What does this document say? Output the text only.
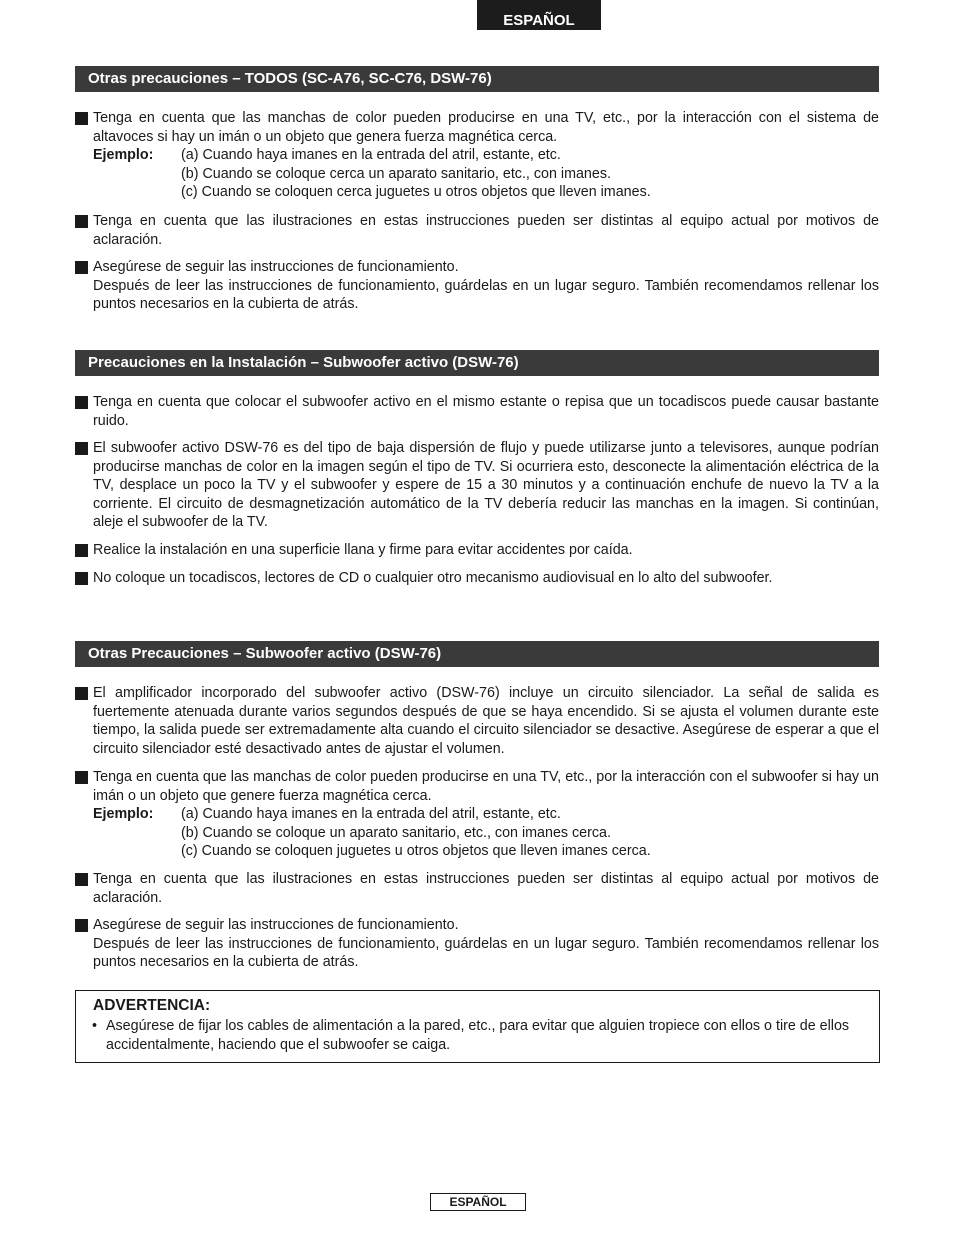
ESPAÑOL
Otras precauciones – TODOS (SC-A76, SC-C76, DSW-76)

Tenga en cuenta que las manchas de color pueden producirse en una TV, etc., por la interacción con el sistema de altavoces si hay un imán o un objeto que genera fuerza magnética cerca.

Ejemplo: (a) Cuando haya imanes en la entrada del atril, estante, etc.
(b) Cuando se coloque cerca un aparato sanitario, etc., con imanes.
(c) Cuando se coloquen cerca juguetes u otros objetos que lleven imanes.

Tenga en cuenta que las ilustraciones en estas instrucciones pueden ser distintas al equipo actual por motivos de aclaración.

Asegúrese de seguir las instrucciones de funcionamiento.

Después de leer las instrucciones de funcionamiento, guárdelas en un lugar seguro. También recomendamos rellenar los puntos necesarios en la cubierta de atrás.

Precauciones en la Instalación – Subwoofer activo (DSW-76)

Tenga en cuenta que colocar el subwoofer activo en el mismo estante o repisa que un tocadiscos puede causar bastante ruido.

El subwoofer activo DSW-76 es del tipo de baja dispersión de flujo y puede utilizarse junto a televisores, aunque podrían producirse manchas de color en la imagen según el tipo de TV. Si ocurriera esto, desconecte la alimentación eléctrica de la TV, desplace un poco la TV y el subwoofer y espere de 15 a 30 minutos y a continuación enchufe de nuevo la TV a la corriente. El circuito de desmagnetización automático de la TV debería reducir las manchas en la imagen. Si continúan, aleje el subwoofer de la TV.

Realice la instalación en una superficie llana y firme para evitar accidentes por caída.

No coloque un tocadiscos, lectores de CD o cualquier otro mecanismo audiovisual en lo alto del subwoofer.

Otras Precauciones – Subwoofer activo (DSW-76)

El amplificador incorporado del subwoofer activo (DSW-76) incluye un circuito silenciador. La señal de salida es fuertemente atenuada durante varios segundos después de que se haya encendido. Si se ajusta el volumen durante este tiempo, la salida puede ser extremadamente alta cuando el circuito silenciador se desactive. Asegúrese de esperar a que el circuito silenciador esté desactivado antes de ajustar el volumen.

Tenga en cuenta que las manchas de color pueden producirse en una TV, etc., por la interacción con el subwoofer si hay un imán o un objeto que genere fuerza magnética cerca.

Ejemplo: (a) Cuando haya imanes en la entrada del atril, estante, etc.
(b) Cuando se coloque un aparato sanitario, etc., con imanes cerca.
(c) Cuando se coloquen juguetes u otros objetos que lleven imanes cerca.

Tenga en cuenta que las ilustraciones en estas instrucciones pueden ser distintas al equipo actual por motivos de aclaración.

Asegúrese de seguir las instrucciones de funcionamiento.

Después de leer las instrucciones de funcionamiento, guárdelas en un lugar seguro. También recomendamos rellenar los puntos necesarios en la cubierta de atrás.

ADVERTENCIA:
• Asegúrese de fijar los cables de alimentación a la pared, etc., para evitar que alguien tropiece con ellos o tire de ellos accidentalmente, haciendo que el subwoofer se caiga.
ESPAÑOL
